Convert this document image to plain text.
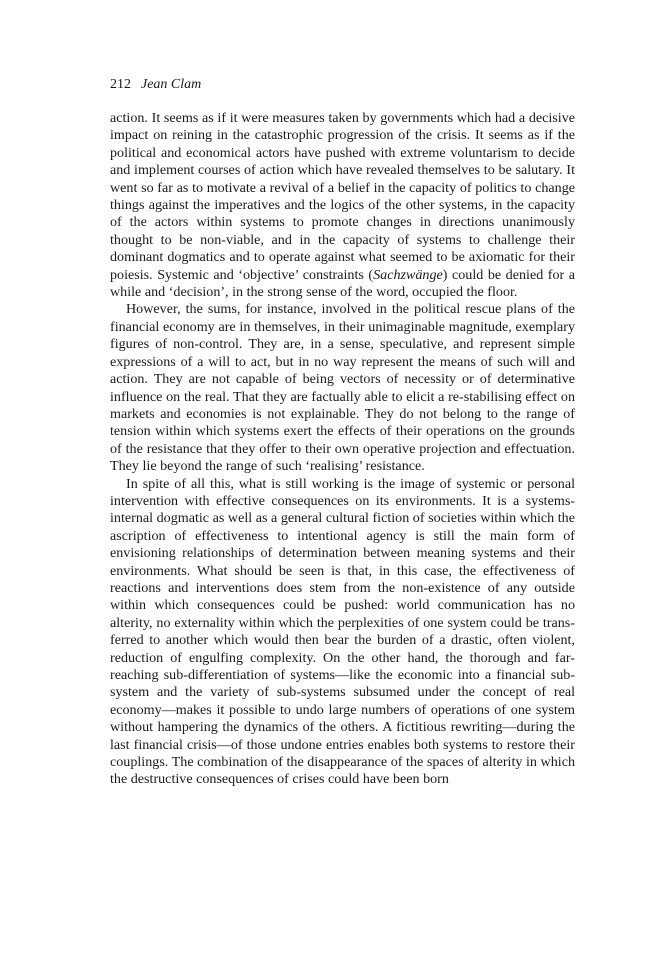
212 Jean Clam

action. It seems as if it were measures taken by governments which had a decisive impact on reining in the catastrophic progression of the crisis. It seems as if the political and economical actors have pushed with extreme voluntarism to decide and implement courses of action which have revealed themselves to be salutary. It went so far as to motivate a revival of a belief in the capacity of politics to change things against the imperatives and the logics of the other systems, in the capacity of the actors within systems to promote changes in directions unanimously thought to be non-viable, and in the capacity of systems to challenge their dominant dogmatics and to operate against what seemed to be axiomatic for their poiesis. Systemic and ‘objective’ constraints (Sachzwänge) could be denied for a while and ‘decision’, in the strong sense of the word, occupied the floor.

However, the sums, for instance, involved in the political rescue plans of the financial economy are in themselves, in their unimaginable magnitude, exemplary figures of non-control. They are, in a sense, speculative, and represent simple expressions of a will to act, but in no way represent the means of such will and action. They are not capable of being vectors of necessity or of determinative influence on the real. That they are factually able to elicit a re-stabilising effect on markets and economies is not explainable. They do not belong to the range of tension within which systems exert the effects of their operations on the grounds of the resistance that they offer to their own operative projection and effectuation. They lie beyond the range of such ‘realising’ resistance.

In spite of all this, what is still working is the image of systemic or personal intervention with effective consequences on its environments. It is a systems-internal dogmatic as well as a general cultural fiction of societies within which the ascription of effectiveness to intentional agency is still the main form of envisioning relationships of determination between meaning systems and their environments. What should be seen is that, in this case, the effectiveness of reactions and interventions does stem from the non-existence of any outside within which consequences could be pushed: world communication has no alterity, no externality within which the perplexities of one system could be transferred to another which would then bear the burden of a drastic, often violent, reduction of engulfing complexity. On the other hand, the thorough and far-reaching sub-differentiation of systems—like the economic into a financial sub-system and the variety of sub-systems subsumed under the concept of real economy—makes it possible to undo large numbers of operations of one system without hampering the dynamics of the others. A fictitious rewriting—during the last financial crisis—of those undone entries enables both systems to restore their couplings. The combination of the disappearance of the spaces of alterity in which the destructive consequences of crises could have been born
